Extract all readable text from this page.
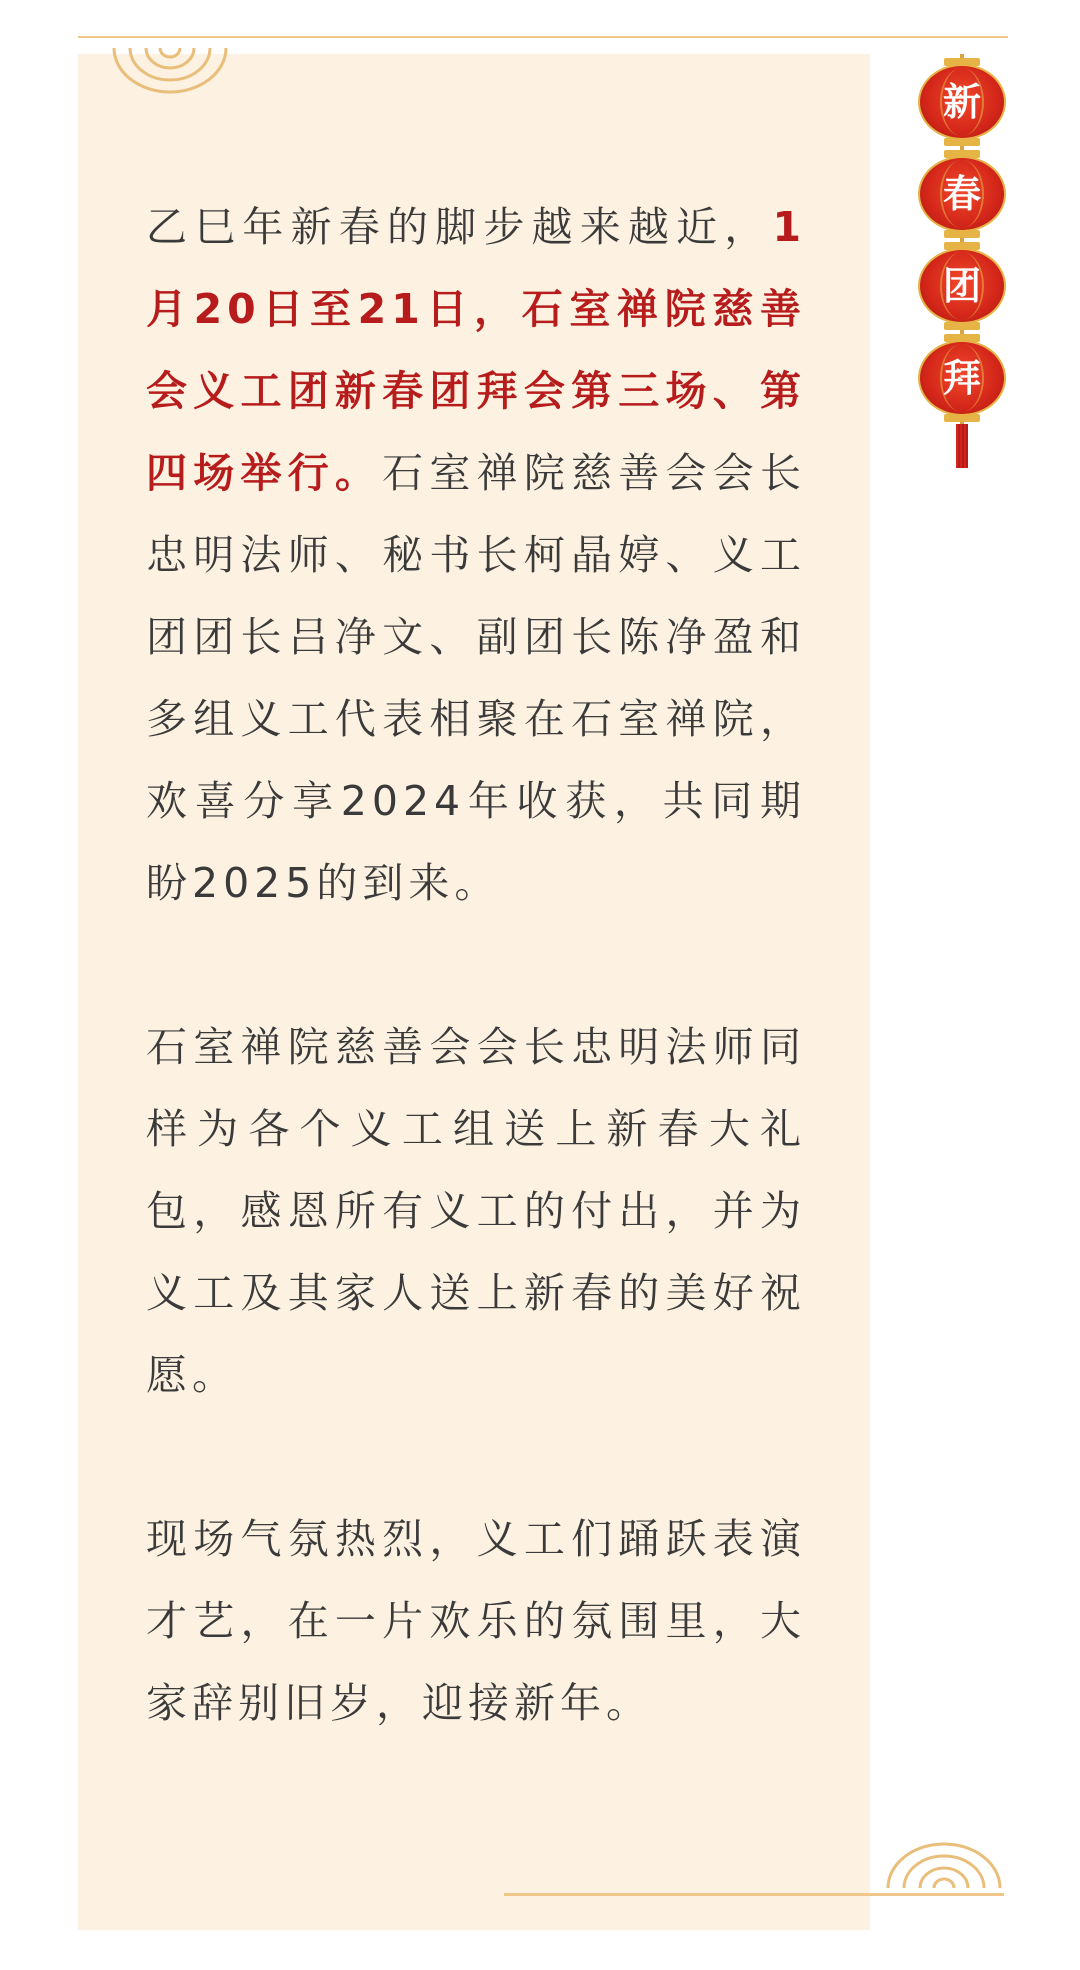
新
春
团
拜

乙巳年新春的脚步越来越近，1月20日至21日，石室禅院慈善会义工团新春团拜会第三场、第四场举行。石室禅院慈善会会长忠明法师、秘书长柯晶婷、义工团团长吕净文、副团长陈净盈和多组义工代表相聚在石室禅院，欢喜分享2024年收获，共同期盼2025的到来。

石室禅院慈善会会长忠明法师同样为各个义工组送上新春大礼包，感恩所有义工的付出，并为义工及其家人送上新春的美好祝愿。

现场气氛热烈，义工们踊跃表演才艺，在一片欢乐的氛围里，大家辞别旧岁，迎接新年。
